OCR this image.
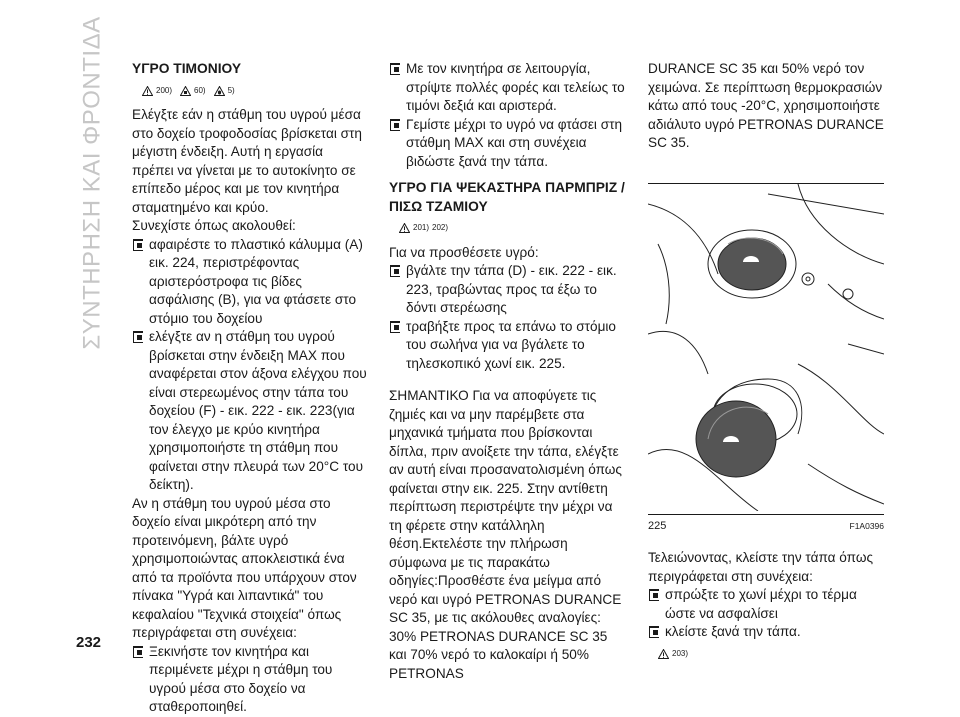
ΣΥΝΤΗΡΗΣΗ ΚΑΙ ΦΡΟΝΤΙΔΑ ΥΓΡΟ ΤΙΜΟΝΙΟΥ

200)	60)	5)

Ελέγξτε εάν η στάθμη του υγρού μέσα στο δοχείο τροφοδοσίας βρίσκεται στη μέγιστη ένδειξη. Αυτή η εργασία πρέπει να γίνεται με το αυτοκίνητο σε επίπεδο μέρος και με τον κινητήρα σταματημένο και κρύο.

Συνεχίστε όπως ακολουθεί:

αφαιρέστε το πλαστικό κάλυμμα (A) εικ. 224, περιστρέφοντας αριστερόστροφα τις βίδες ασφάλισης (B), για να φτάσετε στο στόμιο του δοχείου
ελέγξτε αν η στάθμη του υγρού βρίσκεται στην ένδειξη MAX που αναφέρεται στον άξονα ελέγχου που είναι στερεωμένος στην τάπα του δοχείου (F) - εικ. 222 - εικ. 223(για τον έλεγχο με κρύο κινητήρα χρησιμοποιήστε τη στάθμη που φαίνεται στην πλευρά των 20°C του δείκτη).

Αν η στάθμη του υγρού μέσα στο δοχείο είναι μικρότερη από την προτεινόμενη, βάλτε υγρό χρησιμοποιώντας αποκλειστικά ένα από τα προϊόντα που υπάρχουν στον πίνακα "Υγρά και λιπαντικά" του κεφαλαίου "Τεχνικά στοιχεία" όπως περιγράφεται στη συνέχεια:

Ξεκινήστε τον κινητήρα και περιμένετε μέχρι η στάθμη του υγρού μέσα στο δοχείο να σταθεροποιηθεί.
Με τον κινητήρα σε λειτουργία, στρίψτε πολλές φορές και τελείως το τιμόνι δεξιά και αριστερά.
Γεμίστε μέχρι το υγρό να φτάσει στη στάθμη MAX και στη συνέχεια βιδώστε ξανά την τάπα.

ΥΓΡΟ ΓΙΑ ΨΕΚΑΣΤΗΡΑ ΠΑΡΜΠΡΙΖ / ΠΙΣΩ ΤΖΑΜΙΟΥ

201) 202)

Για να προσθέσετε υγρό:

βγάλτε την τάπα (D) - εικ. 222 - εικ. 223, τραβώντας προς τα έξω το δόντι στερέωσης
τραβήξτε προς τα επάνω το στόμιο του σωλήνα για να βγάλετε το τηλεσκοπικό χωνί εικ. 225.

ΣΗΜΑΝΤΙΚΟ Για να αποφύγετε τις ζημιές και να μην παρέμβετε στα μηχανικά τμήματα που βρίσκονται δίπλα, πριν ανοίξετε την τάπα, ελέγξτε αν αυτή είναι προσανατολισμένη όπως φαίνεται στην εικ. 225. Στην αντίθετη περίπτωση περιστρέψτε την μέχρι να τη φέρετε στην κατάλληλη θέση.Εκτελέστε την πλήρωση σύμφωνα με τις παρακάτω οδηγίες:Προσθέστε ένα μείγμα από νερό και υγρό PETRONAS DURANCE SC 35, με τις ακόλουθες αναλογίες: 30% PETRONAS DURANCE SC 35 και 70% νερό το καλοκαίρι ή 50% PETRONAS

DURANCE SC 35 και 50% νερό τον χειμώνα. Σε περίπτωση θερμοκρασιών κάτω από τους -20°C, χρησιμοποιήστε αδιάλυτο υγρό PETRONAS DURANCE SC 35.

225	F1A0396

Τελειώνοντας, κλείστε την τάπα όπως περιγράφεται στη συνέχεια:

σπρώξτε το χωνί μέχρι το τέρμα ώστε να ασφαλίσει
κλείστε ξανά την τάπα.
203)
232
